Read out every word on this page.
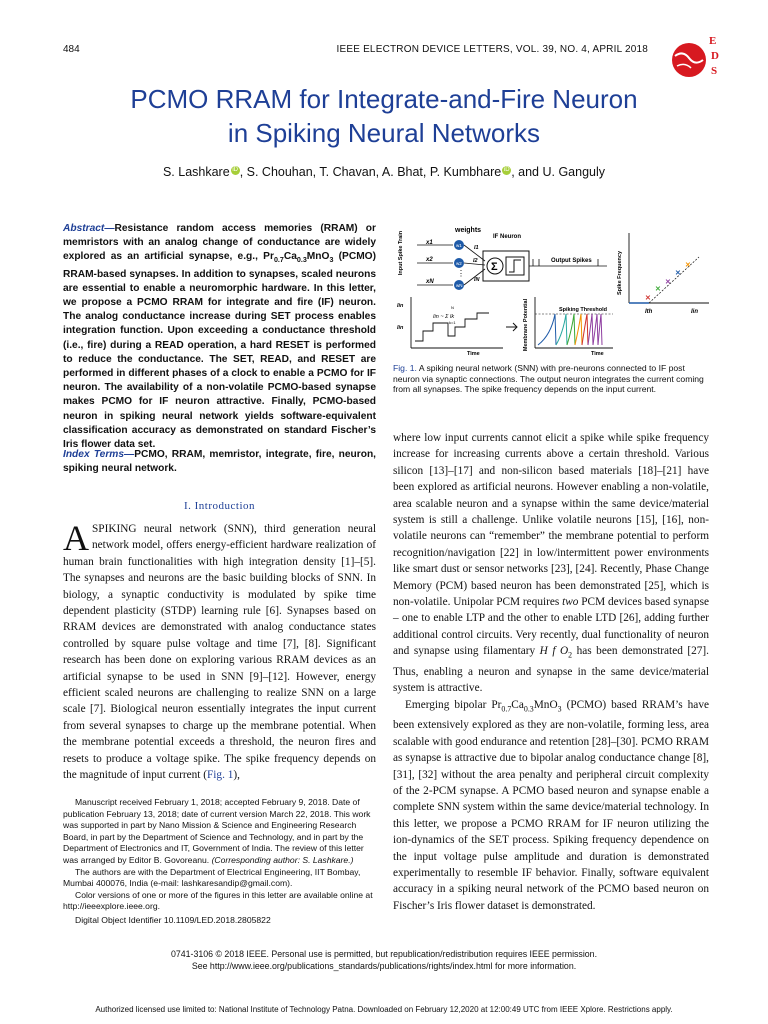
484	IEEE ELECTRON DEVICE LETTERS, VOL. 39, NO. 4, APRIL 2018
E
D
S
PCMO RRAM for Integrate-and-Fire Neuron
in Spiking Neural Networks
S. Lashkare iD , S. Chouhan, T. Chavan, A. Bhat, P. Kumbhare iD , and U. Ganguly
Abstract—Resistance random access memories (RRAM) or memristors with an analog change of conductance are widely explored as an artificial synapse, e.g., $Pr_{0.7}Ca_{0.3}MnO_3$ (PCMO) RRAM-based synapses. In addition to synapses, scaled neurons are essential to enable a neuromorphic hardware. In this letter, we propose a PCMO RRAM for integrate and fire (IF) neuron. The analog conductance increase during SET process enables integration function. Upon exceeding a conductance threshold (i.e., fire) during a READ operation, a hard RESET is performed to reduce the conductance. The SET, READ, and RESET are performed in different phases of a clock to enable a PCMO for IF neuron. The availability of a non-volatile PCMO-based synapse makes PCMO for IF neuron attractive. Finally, PCMO-based neuron in spiking neural network yields software-equivalent classification accuracy as demonstrated on standard Fischer’s Iris flower data set.
Index Terms—PCMO, RRAM, memristor, integrate, fire, neuron, spiking neural network.
I. Introduction
ASPIKING neural network (SNN), third generation neural network model, offers energy-efficient hardware realization of human brain functionalities with high integration density [1]–[5]. The synapses and neurons are the basic building blocks of SNN. In biology, a synaptic conductivity is modulated by spike time dependent plasticity (STDP) learning rule [6]. Synapses based on RRAM devices are demonstrated with analog conductance states controlled by square pulse voltage and time [7], [8]. Significant research has been done on exploring various RRAM devices as an artificial synapse to be used in SNN [9]–[12]. However, energy efficient scaled neurons are challenging to realize SNN on a large scale [7]. Biological neuron essentially integrates the input current from several synapses to charge up the membrane potential. When the membrane potential exceeds a threshold, the neuron fires and resets to produce a voltage spike. The spike frequency depends on the magnitude of input current (Fig. 1),

Manuscript received February 1, 2018; accepted February 9, 2018. Date of publication February 13, 2018; date of current version March 22, 2018. This work was supported in part by Nano Mission & Science and Engineering Research Board, in part by the Department of Science and Technology, and in part by the Department of Electronics and IT, Government of India. The review of this letter was arranged by Editor B. Govoreanu. (Corresponding author: S. Lashkare.)

The authors are with the Department of Electrical Engineering, IIT Bombay, Mumbai 400076, India (e-mail: lashkaresandip@gmail.com).

Color versions of one or more of the figures in this letter are available online at http://ieeexplore.ieee.org.

Digital Object Identifier 10.1109/LED.2018.2805822

Input Spike Train
weights
x1
x2
xN
w1
w2
wN
⋮
I1
I2
IN
IF Neuron
Σ	Output Spikes	Spike Frequency
✕
✕
✕
✕
✕
Ith	Iin
Iin
Iin
Iin ~ Σ Ik
N
k=1
Time
Membrane Potential	Spiking Threshold
Time
Fig. 1. A spiking neural network (SNN) with pre-neurons connected to IF post neuron via synaptic connections. The output neuron integrates the current coming from all synapses. The spike frequency depends on the input current.

where low input currents cannot elicit a spike while spike frequency increase for increasing currents above a certain threshold. Various silicon [13]–[17] and non-silicon based materials [18]–[21] have been explored as artificial neurons. However enabling a non-volatile, area scalable neuron and a synapse within the same device/material system is still a challenge. Unlike volatile neurons [15], [16], non-volatile neurons can “remember” the membrane potential to perform recognition/navigation [22] in low/intermittent power environments like smart dust or sensor networks [23], [24]. Recently, Phase Change Memory (PCM) based neuron has been demonstrated [25], which is non-volatile. Unipolar PCM requires two PCM devices based synapse – one to enable LTP and the other to enable LTD [26], adding further additional control circuits. Very recently, dual functionality of neuron and synapse using filamentary H f $O_2$ has been demonstrated [27]. Thus, enabling a neuron and synapse in the same device/material system is attractive.

Emerging bipolar $Pr_{0.7}Ca_{0.3}MnO_3$ (PCMO) based RRAM’s have been extensively explored as they are non-volatile, forming less, area scalable with good endurance and retention [28]–[30]. PCMO RRAM as synapse is attractive due to bipolar analog conductance change [8], [31], [32] without the area penalty and peripheral circuit complexity of the 2-PCM synapse. A PCMO based neuron and synapse enable a complete SNN system within the same device/material technology. In this letter, we propose a PCMO RRAM for IF neuron utilizing the ion-dynamics of the SET process. Spiking frequency dependence on the input voltage pulse amplitude and duration is demonstrated experimentally to resemble IF behavior. Finally, software equivalent accuracy in a spiking neural network of the PCMO based neuron on Fischer’s Iris flower dataset is demonstrated.

0741-3106 © 2018 IEEE. Personal use is permitted, but republication/redistribution requires IEEE permission.
See http://www.ieee.org/publications_standards/publications/rights/index.html for more information.
Authorized licensed use limited to: National Institute of Technology Patna. Downloaded on February 12,2020 at 12:00:49 UTC from IEEE Xplore. Restrictions apply.
